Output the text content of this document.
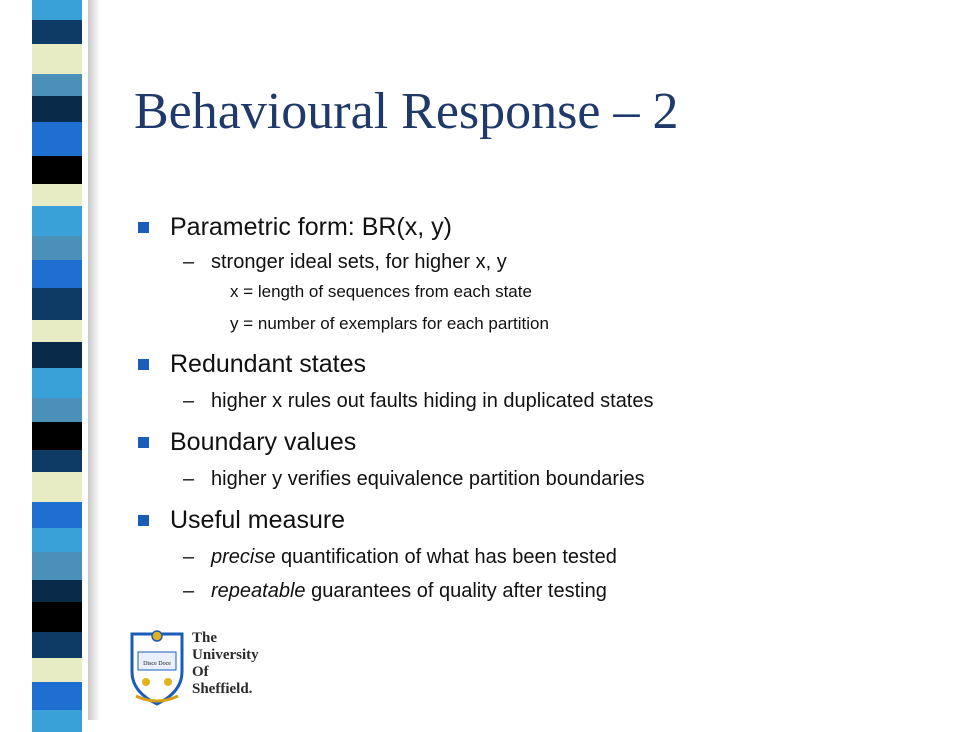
Behavioural Response – 2
Parametric form: BR(x, y)
– stronger ideal sets, for higher x, y
x = length of sequences from each state
y = number of exemplars for each partition
Redundant states
– higher x rules out faults hiding in duplicated states
Boundary values
– higher y verifies equivalence partition boundaries
Useful measure
– precise quantification of what has been tested
– repeatable guarantees of quality after testing
Disce Doce
The
University
Of
Sheffield.
